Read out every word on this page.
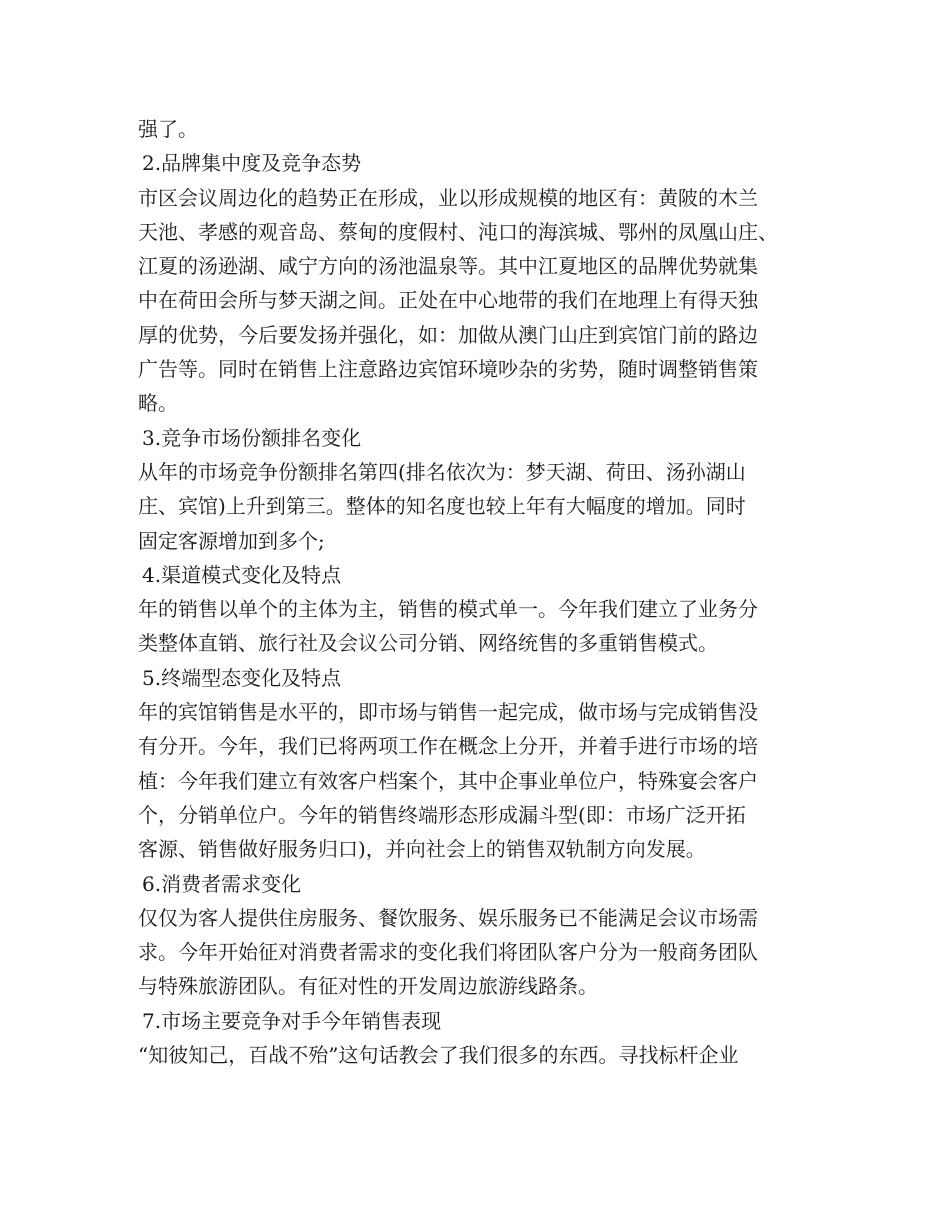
强了。
2.品牌集中度及竞争态势
市区会议周边化的趋势正在形成，业以形成规模的地区有：黄陂的木兰
天池、孝感的观音岛、蔡甸的度假村、沌口的海滨城、鄂州的凤凰山庄、
江夏的汤逊湖、咸宁方向的汤池温泉等。其中江夏地区的品牌优势就集
中在荷田会所与梦天湖之间。正处在中心地带的我们在地理上有得天独
厚的优势，今后要发扬并强化，如：加做从澳门山庄到宾馆门前的路边
广告等。同时在销售上注意路边宾馆环境吵杂的劣势，随时调整销售策
略。
3.竞争市场份额排名变化
从年的市场竞争份额排名第四(排名依次为：梦天湖、荷田、汤孙湖山
庄、宾馆)上升到第三。整体的知名度也较上年有大幅度的增加。同时
固定客源增加到多个;
4.渠道模式变化及特点
年的销售以单个的主体为主，销售的模式单一。今年我们建立了业务分
类整体直销、旅行社及会议公司分销、网络统售的多重销售模式。
5.终端型态变化及特点
年的宾馆销售是水平的，即市场与销售一起完成，做市场与完成销售没
有分开。今年，我们已将两项工作在概念上分开，并着手进行市场的培
植：今年我们建立有效客户档案个，其中企事业单位户，特殊宴会客户
个，分销单位户。今年的销售终端形态形成漏斗型(即：市场广泛开拓
客源、销售做好服务归口)，并向社会上的销售双轨制方向发展。
6.消费者需求变化
仅仅为客人提供住房服务、餐饮服务、娱乐服务已不能满足会议市场需
求。今年开始征对消费者需求的变化我们将团队客户分为一般商务团队
与特殊旅游团队。有征对性的开发周边旅游线路条。
7.市场主要竞争对手今年销售表现
“知彼知己，百战不殆”这句话教会了我们很多的东西。寻找标杆企业
